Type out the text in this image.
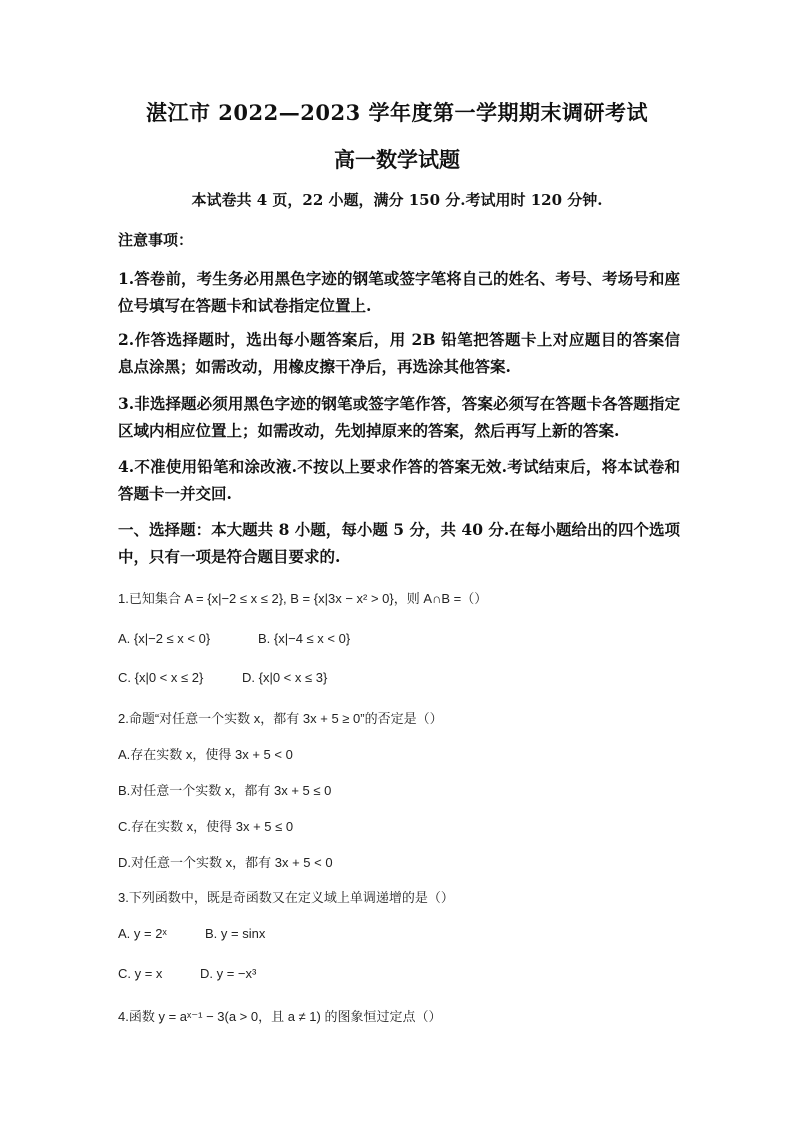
湛江市 2022—2023 学年度第一学期期末调研考试
高一数学试题
本试卷共 4 页，22 小题，满分 150 分.考试用时 120 分钟.
注意事项：
1.答卷前，考生务必用黑色字迹的钢笔或签字笔将自己的姓名、考号、考场号和座位号填写在答题卡和试卷指定位置上.
2.作答选择题时，选出每小题答案后，用 2B 铅笔把答题卡上对应题目的答案信息点涂黑；如需改动，用橡皮擦干净后，再选涂其他答案.
3.非选择题必须用黑色字迹的钢笔或签字笔作答，答案必须写在答题卡各答题指定区域内相应位置上；如需改动，先划掉原来的答案，然后再写上新的答案.
4.不准使用铅笔和涂改液.不按以上要求作答的答案无效.考试结束后，将本试卷和答题卡一并交回.
一、选择题：本大题共 8 小题，每小题 5 分，共 40 分.在每小题给出的四个选项中，只有一项是符合题目要求的.
1.已知集合 A = {x|−2 ≤ x ≤ 2}, B = {x|3x − x² > 0}，则 A∩B =（）
A. {x|−2 ≤ x < 0}	B. {x|−4 ≤ x < 0}
C. {x|0 < x ≤ 2}	D. {x|0 < x ≤ 3}
2.命题“对任意一个实数 x，都有 3x + 5 ≥ 0”的否定是（）
A.存在实数 x，使得 3x + 5 < 0
B.对任意一个实数 x，都有 3x + 5 ≤ 0
C.存在实数 x，使得 3x + 5 ≤ 0
D.对任意一个实数 x，都有 3x + 5 < 0
3.下列函数中，既是奇函数又在定义域上单调递增的是（）
A. y = 2ˣ	B. y = sinx
C. y = x	D. y = −x³
4.函数 y = aˣ⁻¹ − 3(a > 0，且 a ≠ 1) 的图象恒过定点（）
